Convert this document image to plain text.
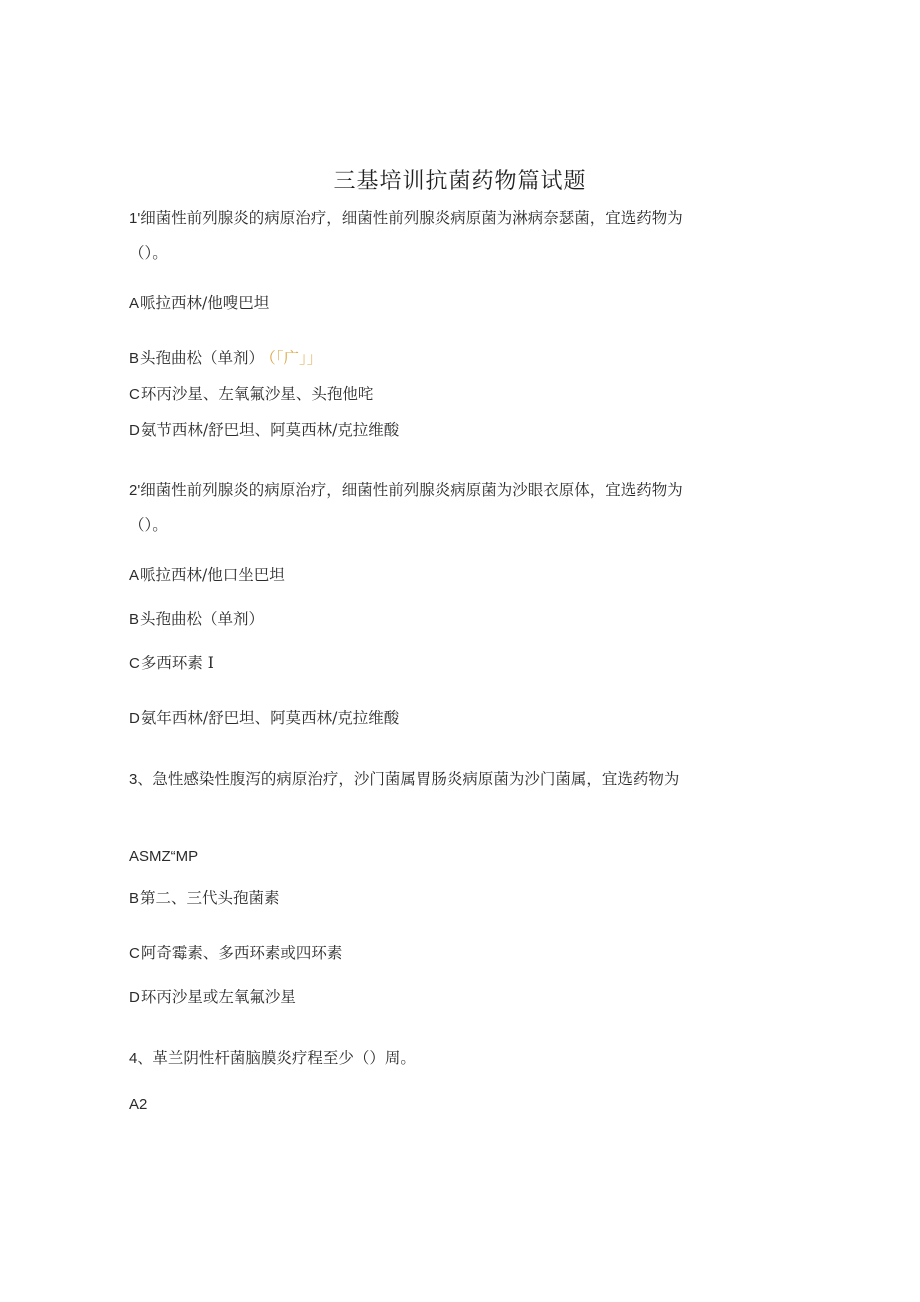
三基培训抗菌药物篇试题
1'细菌性前列腺炎的病原治疗，细菌性前列腺炎病原菌为淋病奈瑟菌，宜选药物为
（）。
A哌拉西林/他嗖巴坦
B头孢曲松（单剂） （「广」」
C环丙沙星、左氧氟沙星、头孢他咤
D氨节西林/舒巴坦、阿莫西林/克拉维酸
2'细菌性前列腺炎的病原治疗，细菌性前列腺炎病原菌为沙眼衣原体，宜选药物为
（）。
A哌拉西林/他口坐巴坦
B头孢曲松（单剂）
C多西环素 I
D氨年西林/舒巴坦、阿莫西林/克拉维酸
3、急性感染性腹泻的病原治疗，沙门菌属胃肠炎病原菌为沙门菌属，宜选药物为
ASMZ“MP
B第二、三代头孢菌素
C阿奇霉素、多西环素或四环素
D环丙沙星或左氧氟沙星
4、革兰阴性杆菌脑膜炎疗程至少（）周。
A2
